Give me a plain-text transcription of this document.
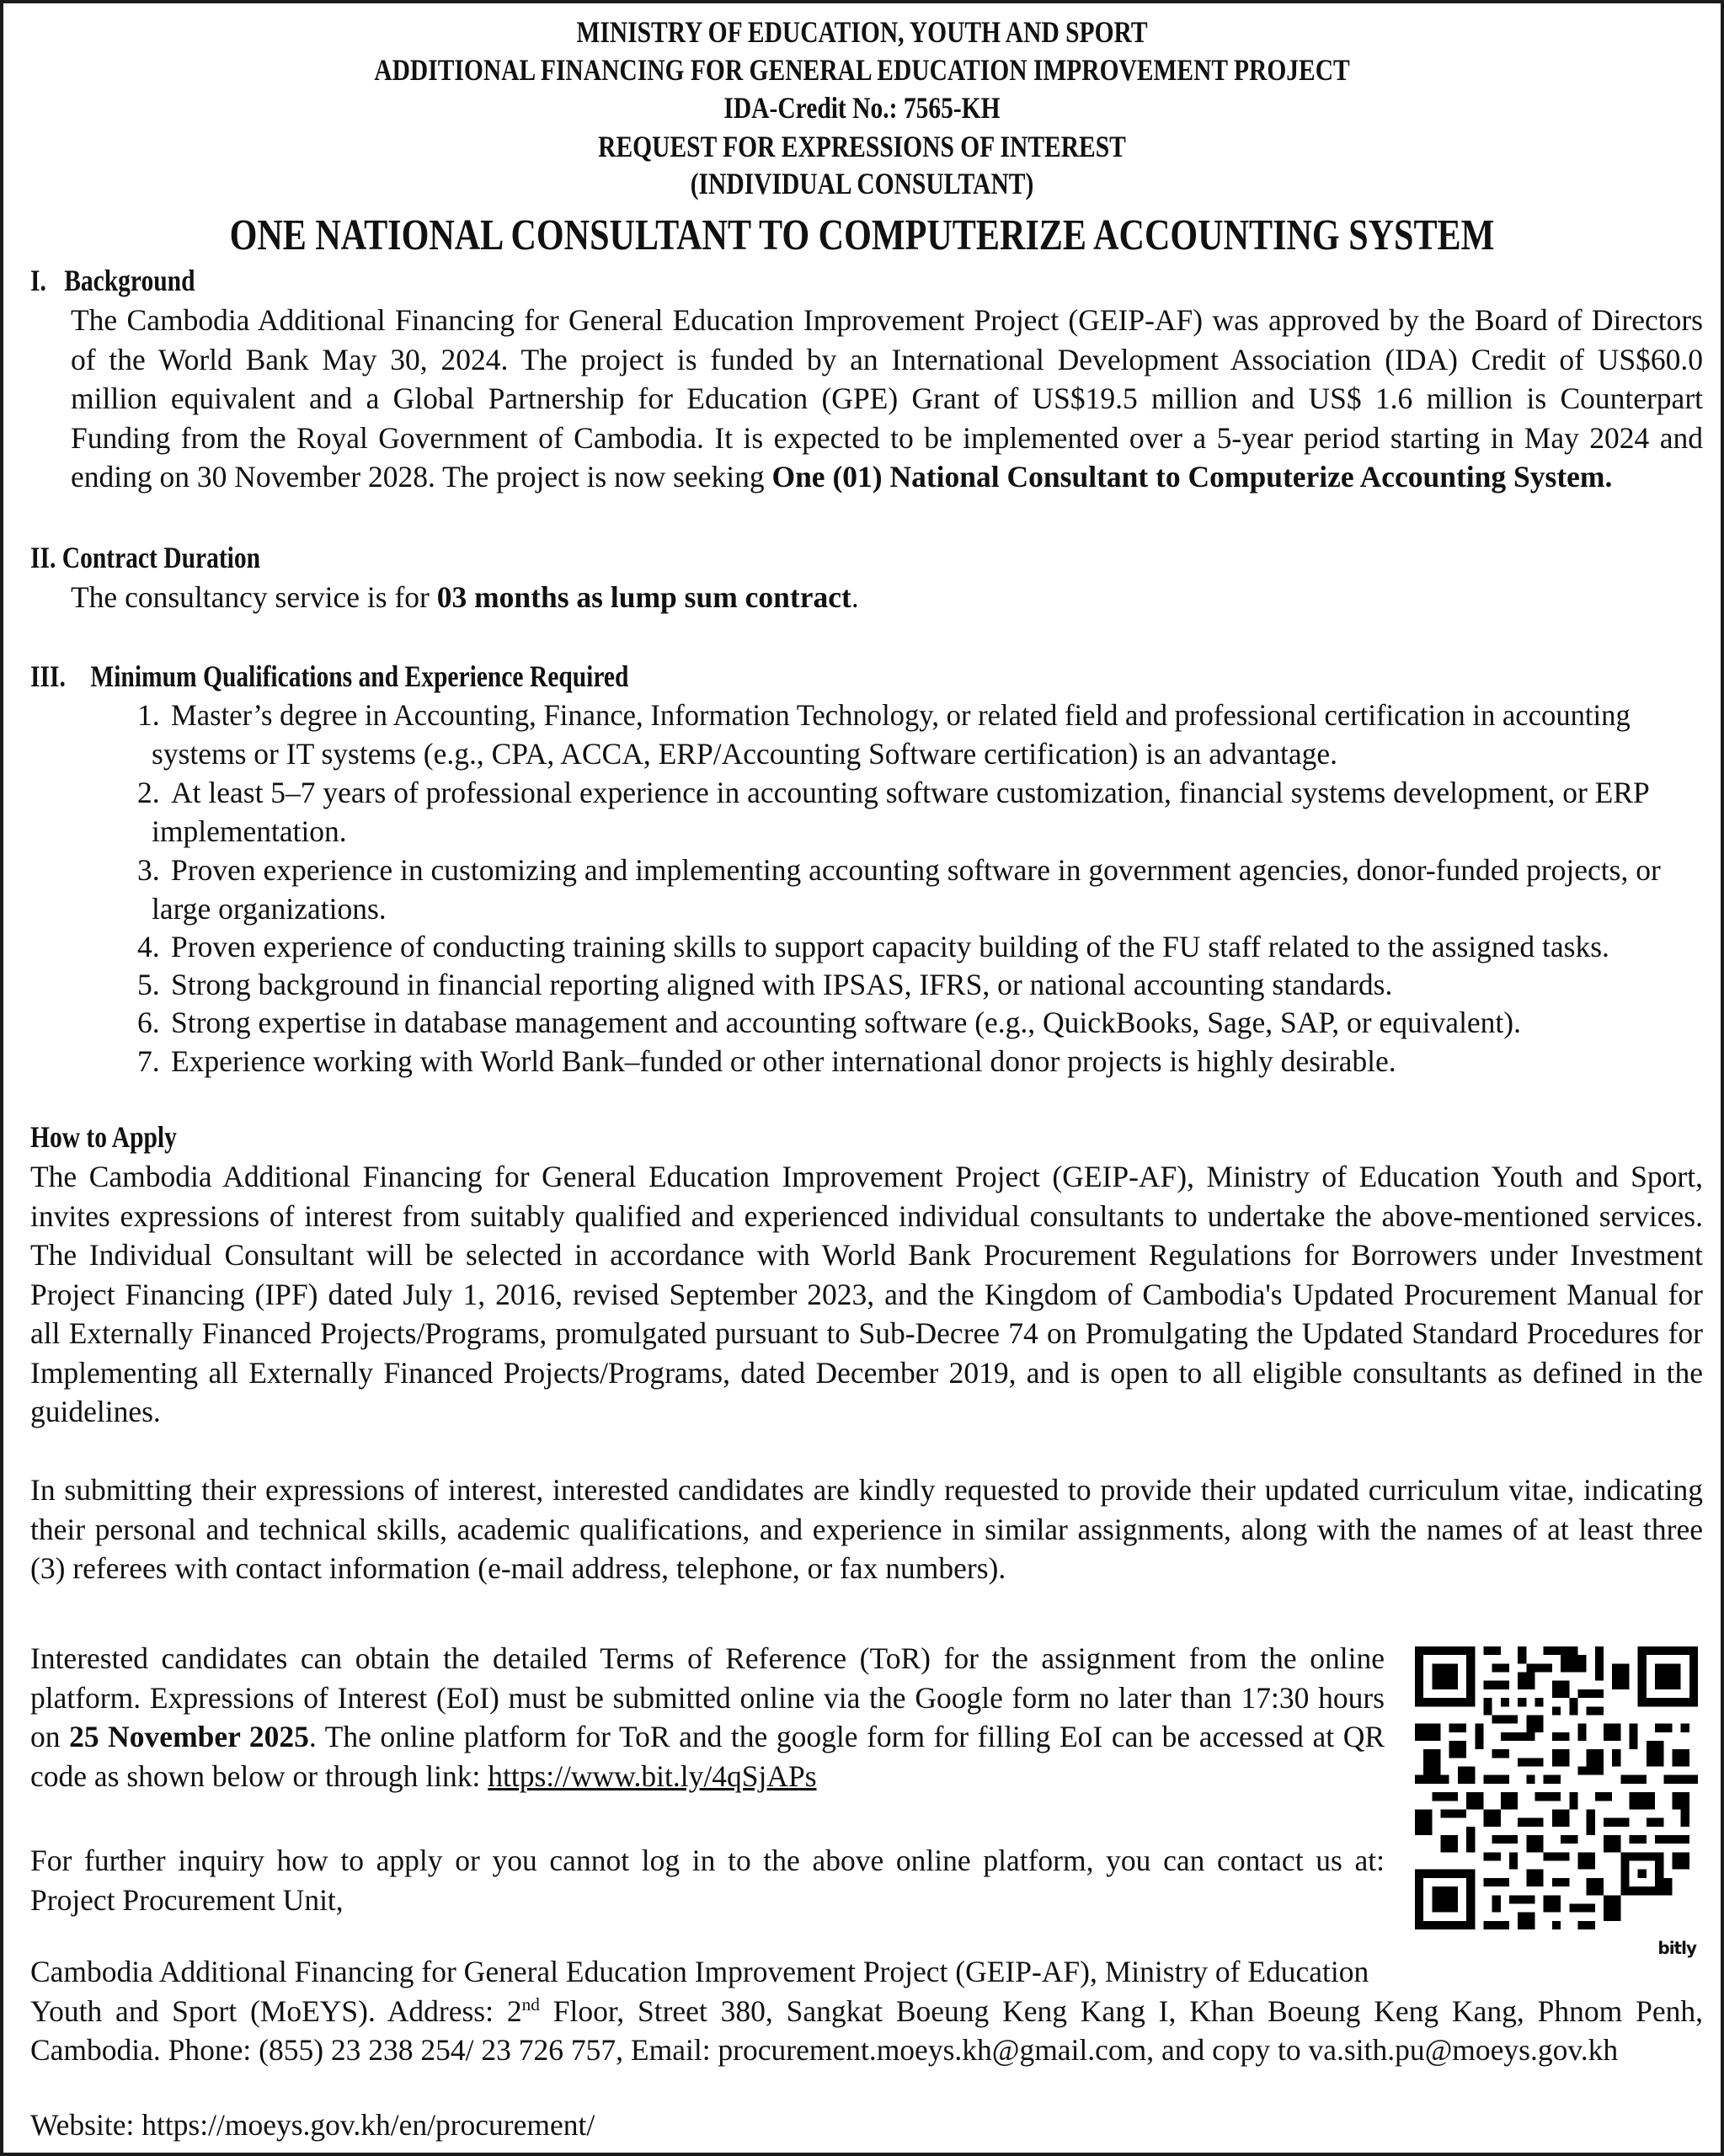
MINISTRY OF EDUCATION, YOUTH AND SPORT
ADDITIONAL FINANCING FOR GENERAL EDUCATION IMPROVEMENT PROJECT
IDA-Credit No.: 7565-KH
REQUEST FOR EXPRESSIONS OF INTEREST
(INDIVIDUAL CONSULTANT)
ONE NATIONAL CONSULTANT TO COMPUTERIZE ACCOUNTING SYSTEM
I. Background
The Cambodia Additional Financing for General Education Improvement Project (GEIP-AF) was approved by the Board of Directors
of the World Bank May 30, 2024. The project is funded by an International Development Association (IDA) Credit of US$60.0
million equivalent and a Global Partnership for Education (GPE) Grant of US$19.5 million and US$ 1.6 million is Counterpart
Funding from the Royal Government of Cambodia. It is expected to be implemented over a 5-year period starting in May 2024 and
ending on 30 November 2028. The project is now seeking One (01) National Consultant to Computerize Accounting System.
II. Contract Duration
The consultancy service is for 03 months as lump sum contract.
III. Minimum Qualifications and Experience Required
1. Master’s degree in Accounting, Finance, Information Technology, or related field and professional certification in accounting
systems or IT systems (e.g., CPA, ACCA, ERP/Accounting Software certification) is an advantage.
2. At least 5–7 years of professional experience in accounting software customization, financial systems development, or ERP
implementation.
3. Proven experience in customizing and implementing accounting software in government agencies, donor-funded projects, or
large organizations.
4. Proven experience of conducting training skills to support capacity building of the FU staff related to the assigned tasks.
5. Strong background in financial reporting aligned with IPSAS, IFRS, or national accounting standards.
6. Strong expertise in database management and accounting software (e.g., QuickBooks, Sage, SAP, or equivalent).
7. Experience working with World Bank–funded or other international donor projects is highly desirable.
How to Apply
The Cambodia Additional Financing for General Education Improvement Project (GEIP-AF), Ministry of Education Youth and Sport,
invites expressions of interest from suitably qualified and experienced individual consultants to undertake the above-mentioned services.
The Individual Consultant will be selected in accordance with World Bank Procurement Regulations for Borrowers under Investment
Project Financing (IPF) dated July 1, 2016, revised September 2023, and the Kingdom of Cambodia's Updated Procurement Manual for
all Externally Financed Projects/Programs, promulgated pursuant to Sub-Decree 74 on Promulgating the Updated Standard Procedures for
Implementing all Externally Financed Projects/Programs, dated December 2019, and is open to all eligible consultants as defined in the
guidelines.
In submitting their expressions of interest, interested candidates are kindly requested to provide their updated curriculum vitae, indicating
their personal and technical skills, academic qualifications, and experience in similar assignments, along with the names of at least three
(3) referees with contact information (e-mail address, telephone, or fax numbers).
Interested candidates can obtain the detailed Terms of Reference (ToR) for the assignment from the online
platform. Expressions of Interest (EoI) must be submitted online via the Google form no later than 17:30 hours
on 25 November 2025. The online platform for ToR and the google form for filling EoI can be accessed at QR
code as shown below or through link: https://www.bit.ly/4qSjAPs
For further inquiry how to apply or you cannot log in to the above online platform, you can contact us at:
Project Procurement Unit,
Cambodia Additional Financing for General Education Improvement Project (GEIP-AF), Ministry of Education
Youth and Sport (MoEYS). Address: 2nd Floor, Street 380, Sangkat Boeung Keng Kang I, Khan Boeung Keng Kang, Phnom Penh,
Cambodia. Phone: (855) 23 238 254/ 23 726 757, Email: procurement.moeys.kh@gmail.com, and copy to va.sith.pu@moeys.gov.kh
Website: https://moeys.gov.kh/en/procurement/
bitly
